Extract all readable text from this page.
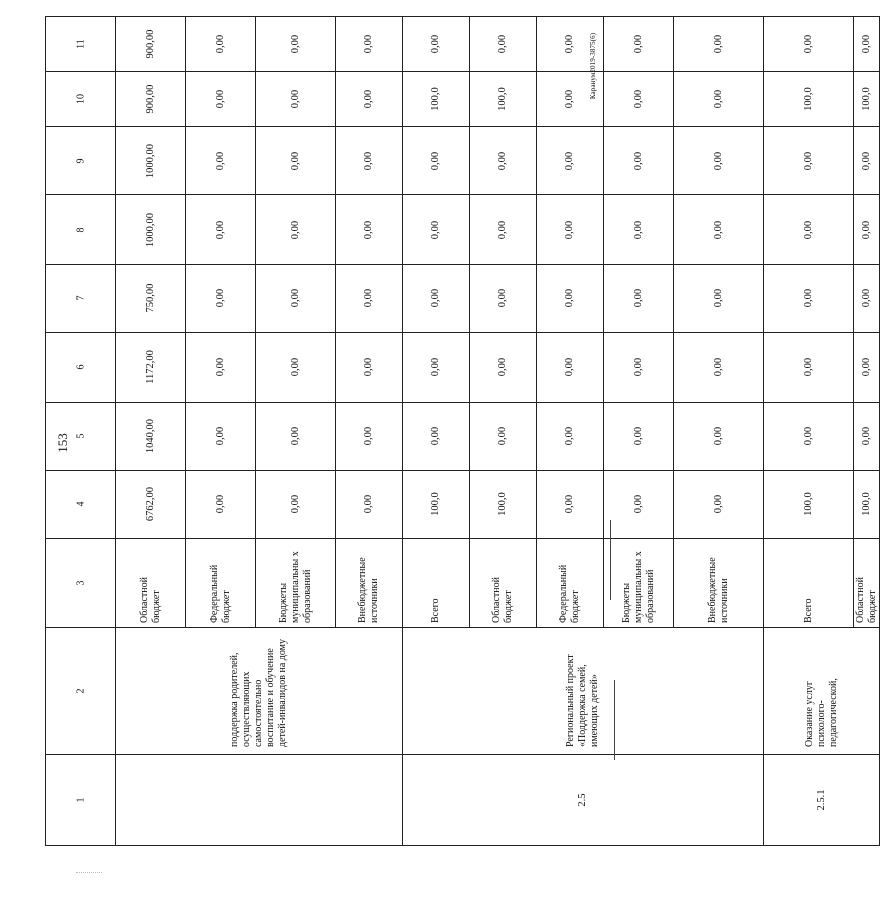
153
Каранум2019-3875(6)
11	900,00	0,00	0,00	0,00	0,00	0,00	0,00	0,00	0,00	0,00	0,00

10	900,00	0,00	0,00	0,00	100,0	100,0	0,00	0,00	0,00	100,0	100,0

9	1000,00	0,00	0,00	0,00	0,00	0,00	0,00	0,00	0,00	0,00	0,00

8	1000,00	0,00	0,00	0,00	0,00	0,00	0,00	0,00	0,00	0,00	0,00

7	750,00	0,00	0,00	0,00	0,00	0,00	0,00	0,00	0,00	0,00	0,00

6	1172,00	0,00	0,00	0,00	0,00	0,00	0,00	0,00	0,00	0,00	0,00

5	1040,00	0,00	0,00	0,00	0,00	0,00	0,00	0,00	0,00	0,00	0,00

4	6762,00	0,00	0,00	0,00	100,0	100,0	0,00	0,00	0,00	100,0	100,0

3	Областной бюджет	Федеральный бюджет	Бюджеты муниципальны х образований	Внебюджетные источники	Всего	Областной бюджет	Федеральный бюджет	Бюджеты муниципальны х образований	Внебюджетные источники	Всего	Областной бюджет

2	поддержка родителей, осуществляющих самостоятельно воспитание и обучение детей-инвалидов на дому				Региональный проект «Поддержка семей, имеющих детей»					Оказание услуг психолого-педагогической,	

1					2.5					2.5.1	
